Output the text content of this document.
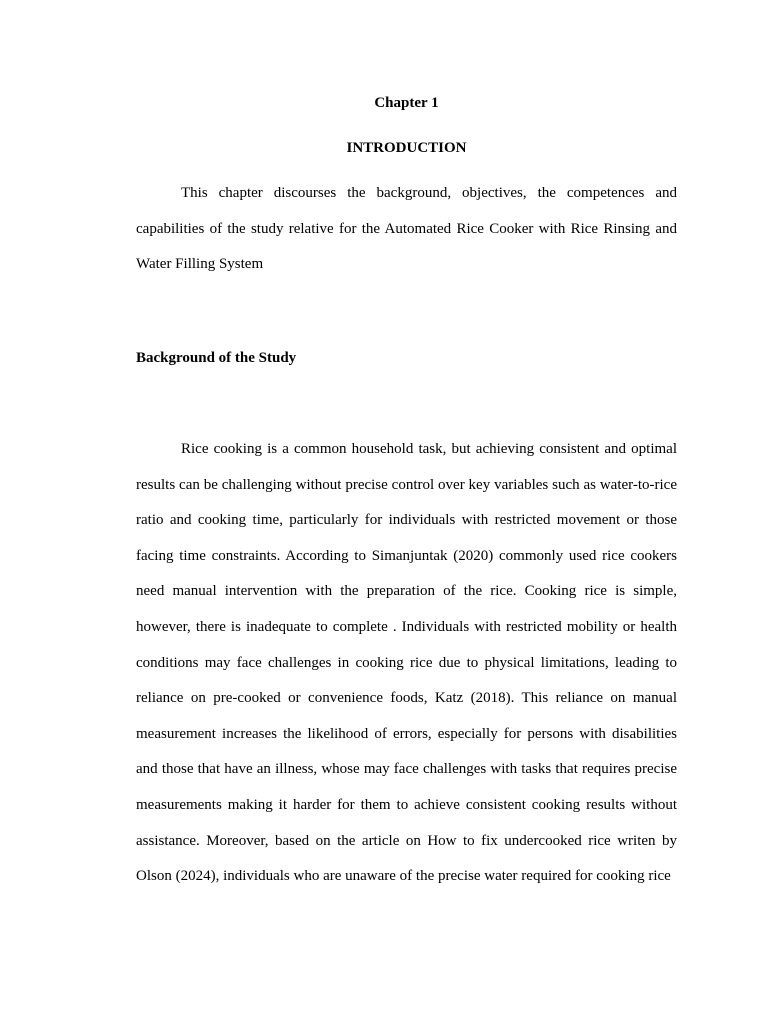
Chapter 1
INTRODUCTION

This chapter discourses the background, objectives, the competences and capabilities of the study relative for the Automated Rice Cooker with Rice Rinsing and Water Filling System

Background of the Study

Rice cooking is a common household task, but achieving consistent and optimal results can be challenging without precise control over key variables such as water-to-rice ratio and cooking time, particularly for individuals with restricted movement or those facing time constraints. According to Simanjuntak (2020) commonly used rice cookers need manual intervention with the preparation of the rice. Cooking rice is simple, however, there is inadequate to complete . Individuals with restricted mobility or health conditions may face challenges in cooking rice due to physical limitations, leading to reliance on pre-cooked or convenience foods, Katz (2018). This reliance on manual measurement increases the likelihood of errors, especially for persons with disabilities and those that have an illness, whose may face challenges with tasks that requires precise measurements making it harder for them to achieve consistent cooking results without assistance. Moreover, based on the article on How to fix undercooked rice writen by Olson (2024), individuals who are unaware of the precise water required for cooking rice
